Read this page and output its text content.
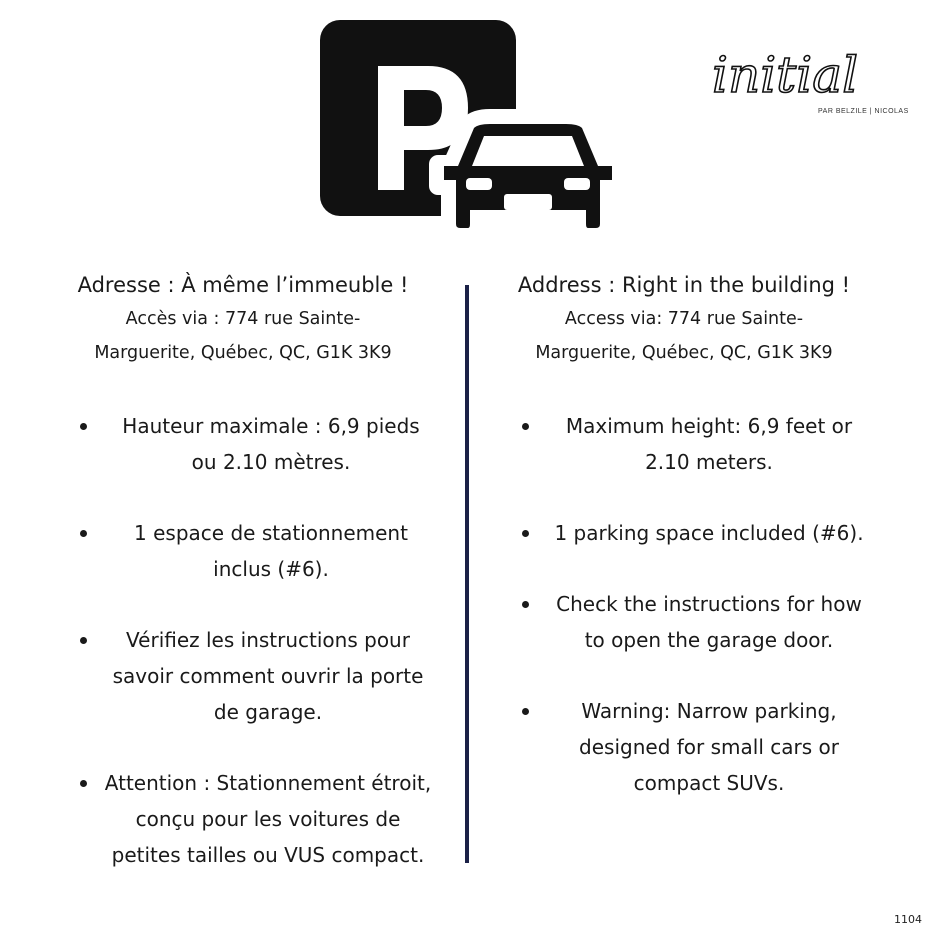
initial
PAR BELZILE | NICOLAS
Adresse : À même l’immeuble !
Accès via : 774 rue Sainte-
Marguerite, Québec, QC, G1K 3K9
Hauteur maximale : 6,9 pieds ou 2.10 mètres.
1 espace de stationnement inclus (#6).
Vérifiez les instructions pour savoir comment ouvrir la porte de garage.
Attention : Stationnement étroit, conçu pour les voitures de petites tailles ou VUS compact.
Address : Right in the building !
Access via: 774 rue Sainte-
Marguerite, Québec, QC, G1K 3K9
Maximum height: 6,9 feet or 2.10 meters.
1 parking space included (#6).
Check the instructions for how to open the garage door.
Warning: Narrow parking, designed for small cars or compact SUVs.
1104
